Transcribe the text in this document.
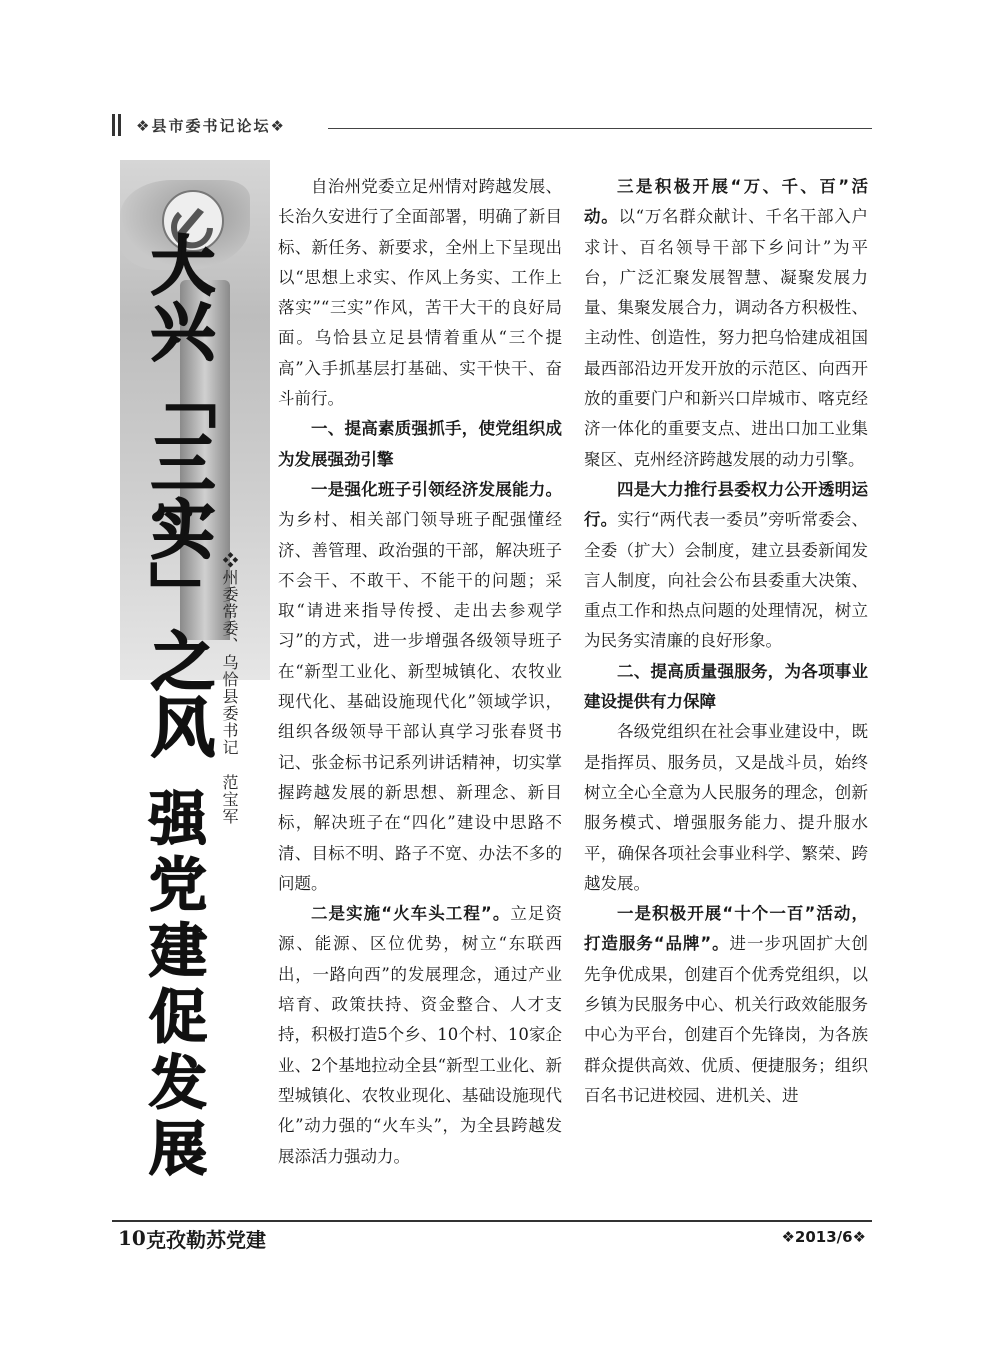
❖县市委书记论坛❖
大兴「三实」之风 ❖州委常委、乌恰县委书记范宝军
强党建促发展

自治州党委立足州情对跨越发展、长治久安进行了全面部署，明确了新目标、新任务、新要求，全州上下呈现出以“思想上求实、作风上务实、工作上落实”“三实”作风，苦干大干的良好局面。乌恰县立足县情着重从“三个提高”入手抓基层打基础、实干快干、奋斗前行。

一、提高素质强抓手，使党组织成为发展强劲引擎

一是强化班子引领经济发展能力。为乡村、相关部门领导班子配强懂经济、善管理、政治强的干部，解决班子不会干、不敢干、不能干的问题；采取“请进来指导传授、走出去参观学习”的方式，进一步增强各级领导班子在“新型工业化、新型城镇化、农牧业现代化、基础设施现代化”领域学识，组织各级领导干部认真学习张春贤书记、张金标书记系列讲话精神，切实掌握跨越发展的新思想、新理念、新目标，解决班子在“四化”建设中思路不清、目标不明、路子不宽、办法不多的问题。

二是实施“火车头工程”。立足资源、能源、区位优势，树立“东联西出，一路向西”的发展理念，通过产业培育、政策扶持、资金整合、人才支持，积极打造5个乡、10个村、10家企业、2个基地拉动全县“新型工业化、新型城镇化、农牧业现化、基础设施现代化”动力强的“火车头”，为全县跨越发展添活力强动力。

三是积极开展“万、千、百”活动。以“万名群众献计、千名干部入户求计、百名领导干部下乡问计”为平台，广泛汇聚发展智慧、凝聚发展力量、集聚发展合力，调动各方积极性、主动性、创造性，努力把乌恰建成祖国最西部沿边开发开放的示范区、向西开放的重要门户和新兴口岸城市、喀克经济一体化的重要支点、进出口加工业集聚区、克州经济跨越发展的动力引擎。

四是大力推行县委权力公开透明运行。实行“两代表一委员”旁听常委会、全委（扩大）会制度，建立县委新闻发言人制度，向社会公布县委重大决策、重点工作和热点问题的处理情况，树立为民务实清廉的良好形象。

二、提高质量强服务，为各项事业建设提供有力保障

各级党组织在社会事业建设中，既是指挥员、服务员，又是战斗员，始终树立全心全意为人民服务的理念，创新服务模式、增强服务能力、提升服水平，确保各项社会事业科学、繁荣、跨越发展。

一是积极开展“十个一百”活动，打造服务“品牌”。进一步巩固扩大创先争优成果，创建百个优秀党组织，以乡镇为民服务中心、机关行政效能服务中心为平台，创建百个先锋岗，为各族群众提供高效、优质、便捷服务；组织百名书记进校园、进机关、进

10 克孜勒苏党建	❖2013/6❖
